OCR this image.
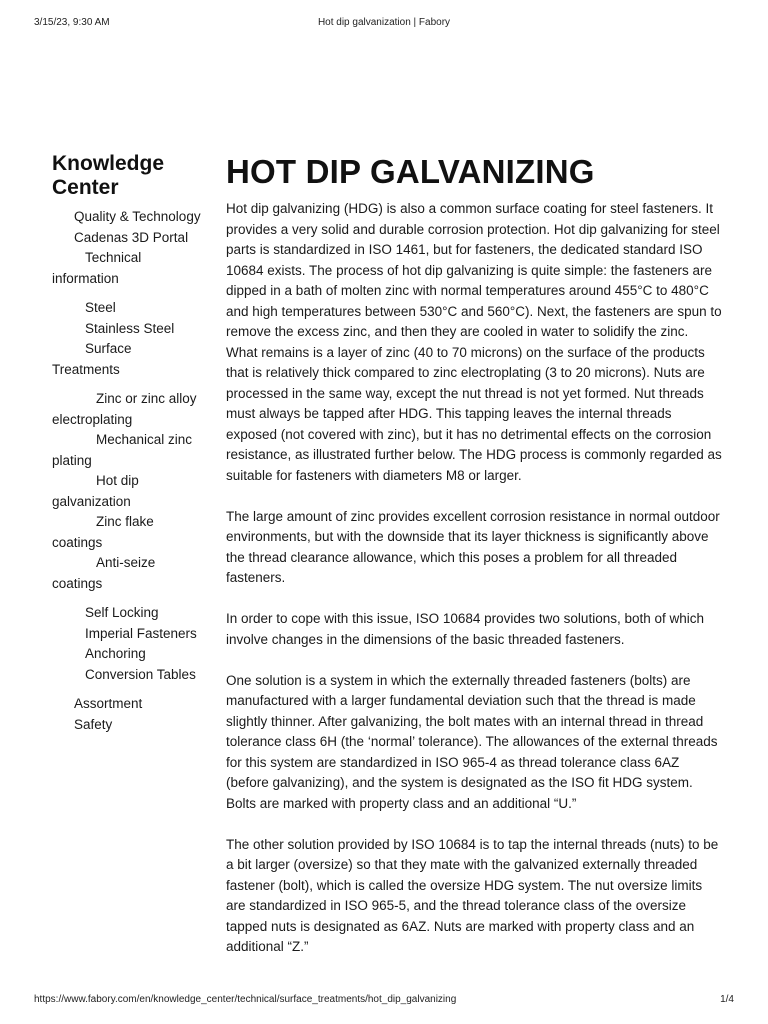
3/15/23, 9:30 AM	Hot dip galvanization | Fabory
Knowledge Center
Quality & Technology
Cadenas 3D Portal
Technical information
Steel
Stainless Steel
Surface Treatments
Zinc or zinc alloy electroplating
Mechanical zinc plating
Hot dip galvanization
Zinc flake coatings
Anti-seize coatings
Self Locking
Imperial Fasteners
Anchoring
Conversion Tables
Assortment
Safety
HOT DIP GALVANIZING

Hot dip galvanizing (HDG) is also a common surface coating for steel fasteners. It provides a very solid and durable corrosion protection. Hot dip galvanizing for steel parts is standardized in ISO 1461, but for fasteners, the dedicated standard ISO 10684 exists. The process of hot dip galvanizing is quite simple: the fasteners are dipped in a bath of molten zinc with normal temperatures around 455°C to 480°C and high temperatures between 530°C and 560°C). Next, the fasteners are spun to remove the excess zinc, and then they are cooled in water to solidify the zinc. What remains is a layer of zinc (40 to 70 microns) on the surface of the products that is relatively thick compared to zinc electroplating (3 to 20 microns). Nuts are processed in the same way, except the nut thread is not yet formed. Nut threads must always be tapped after HDG. This tapping leaves the internal threads exposed (not covered with zinc), but it has no detrimental effects on the corrosion resistance, as illustrated further below. The HDG process is commonly regarded as suitable for fasteners with diameters M8 or larger.

The large amount of zinc provides excellent corrosion resistance in normal outdoor environments, but with the downside that its layer thickness is significantly above the thread clearance allowance, which this poses a problem for all threaded fasteners.

In order to cope with this issue, ISO 10684 provides two solutions, both of which involve changes in the dimensions of the basic threaded fasteners.

One solution is a system in which the externally threaded fasteners (bolts) are manufactured with a larger fundamental deviation such that the thread is made slightly thinner. After galvanizing, the bolt mates with an internal thread in thread tolerance class 6H (the ‘normal’ tolerance). The allowances of the external threads for this system are standardized in ISO 965-4 as thread tolerance class 6AZ (before galvanizing), and the system is designated as the ISO fit HDG system. Bolts are marked with property class and an additional “U.”

The other solution provided by ISO 10684 is to tap the internal threads (nuts) to be a bit larger (oversize) so that they mate with the galvanized externally threaded fastener (bolt), which is called the oversize HDG system. The nut oversize limits are standardized in ISO 965-5, and the thread tolerance class of the oversize tapped nuts is designated as 6AZ. Nuts are marked with property class and an additional “Z.”

https://www.fabory.com/en/knowledge_center/technical/surface_treatments/hot_dip_galvanizing	1/4
